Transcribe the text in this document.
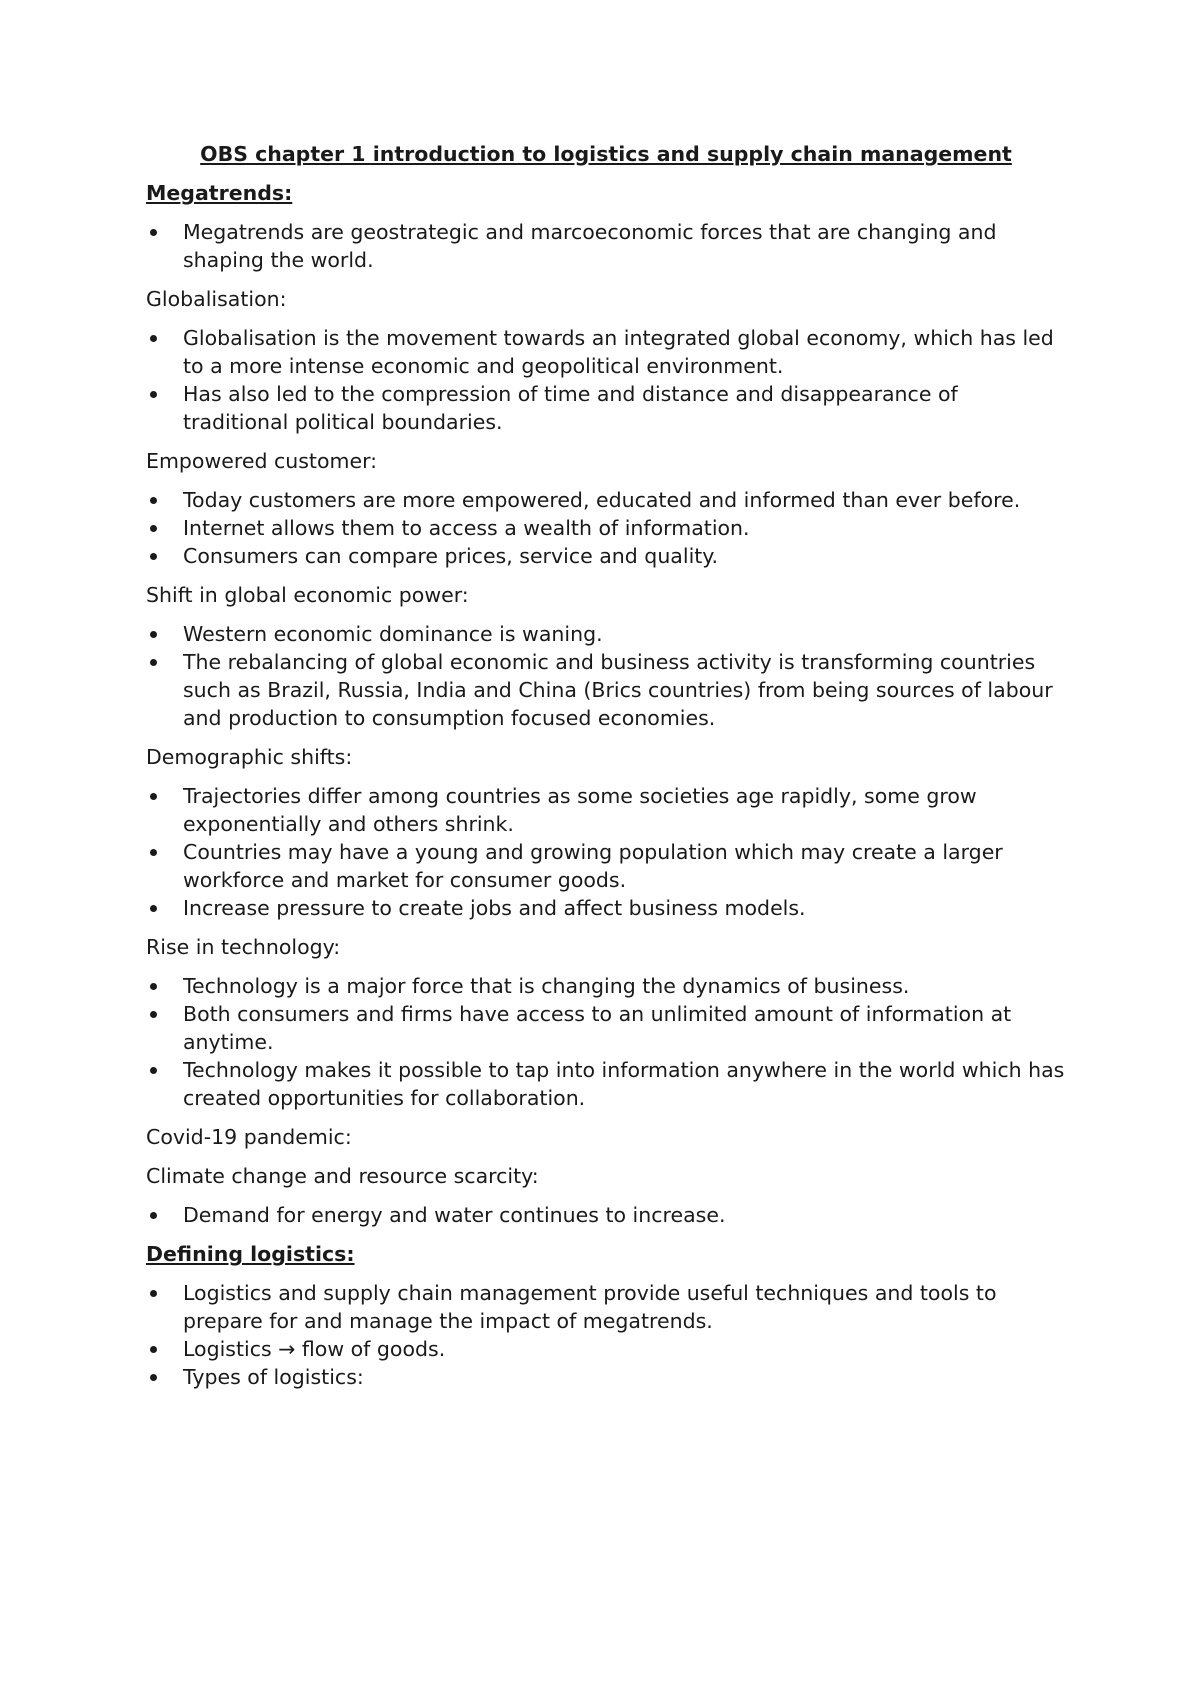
OBS chapter 1 introduction to logistics and supply chain management
Megatrends:
Megatrends are geostrategic and marcoeconomic forces that are changing and shaping the world.
Globalisation:
Globalisation is the movement towards an integrated global economy, which has led to a more intense economic and geopolitical environment.
Has also led to the compression of time and distance and disappearance of traditional political boundaries.
Empowered customer:
Today customers are more empowered, educated and informed than ever before.
Internet allows them to access a wealth of information.
Consumers can compare prices, service and quality.
Shift in global economic power:
Western economic dominance is waning.
The rebalancing of global economic and business activity is transforming countries such as Brazil, Russia, India and China (Brics countries) from being sources of labour and production to consumption focused economies.
Demographic shifts:
Trajectories differ among countries as some societies age rapidly, some grow exponentially and others shrink.
Countries may have a young and growing population which may create a larger workforce and market for consumer goods.
Increase pressure to create jobs and affect business models.
Rise in technology:
Technology is a major force that is changing the dynamics of business.
Both consumers and firms have access to an unlimited amount of information at anytime.
Technology makes it possible to tap into information anywhere in the world which has created opportunities for collaboration.
Covid-19 pandemic:
Climate change and resource scarcity:
Demand for energy and water continues to increase.
Defining logistics:
Logistics and supply chain management provide useful techniques and tools to prepare for and manage the impact of megatrends.
Logistics → flow of goods.
Types of logistics:
